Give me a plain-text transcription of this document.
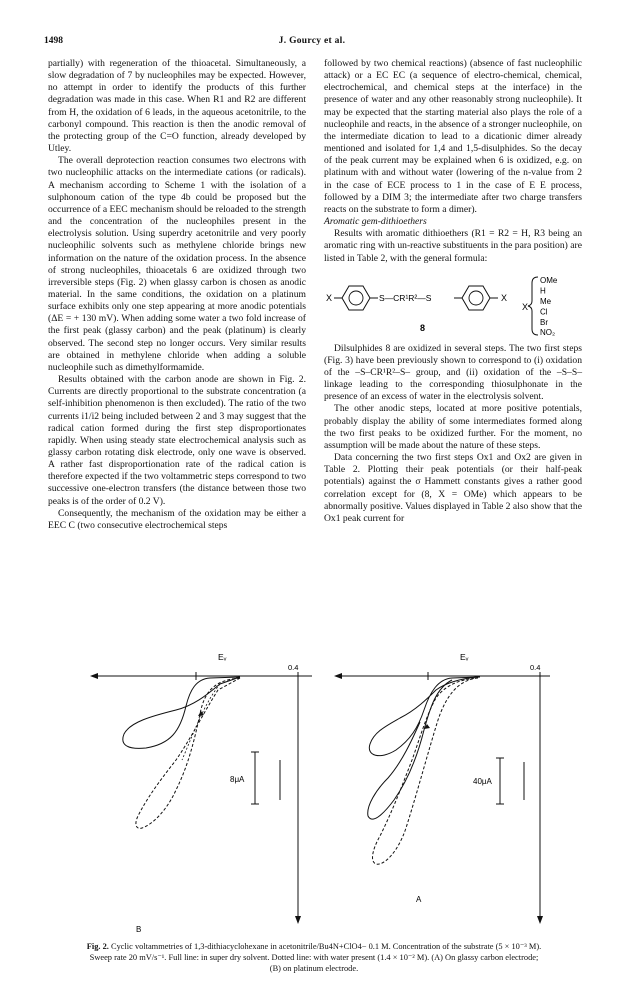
1498	J. Gourcy et al.

partially) with regeneration of the thioacetal. Simultaneously, a slow degradation of 7 by nucleophiles may be expected. However, no attempt in order to identify the products of this further degradation was made in this case. When R1 and R2 are different from H, the oxidation of 6 leads, in the aqueous acetonitrile, to the carbonyl compound. This reaction is then the anodic removal of the protecting group of the C=O function, already developed by Utley.

The overall deprotection reaction consumes two electrons with two nucleophilic attacks on the intermediate cations (or radicals). A mechanism according to Scheme 1 with the isolation of a sulphonoum cation of the type 4b could be proposed but the occurrence of a EEC mechanism should be reloaded to the strength and the concentration of the nucleophiles present in the electrolysis solution. Using superdry acetonitrile and very poorly nucleophilic solvents such as methylene chloride brings new information on the nature of the oxidation process. In the absence of strong nucleophiles, thioacetals 6 are oxidized through two irreversible steps (Fig. 2) when glassy carbon is chosen as anodic material. In the same conditions, the oxidation on a platinum surface exhibits only one step appearing at more anodic potentials (ΔE = + 130 mV). When adding some water a two fold increase of the first peak (glassy carbon) and the peak (platinum) is clearly observed. The second step no longer occurs. Very similar results are obtained in methylene chloride when adding a soluble nucleophile such as dimethylformamide.

Results obtained with the carbon anode are shown in Fig. 2. Currents are directly proportional to the substrate concentration (a self-inhibition phenomenon is then excluded). The ratio of the two currents i1/i2 being included between 2 and 3 may suggest that the radical cation formed during the first step disproportionates rapidly. When using steady state electrochemical analysis such as glassy carbon rotating disk electrode, only one wave is observed. A rather fast disproportionation rate of the radical cation is therefore expected if the two voltammetric steps correspond to two successive one-electron transfers (the distance between those two peaks is of the order of 0.2 V).

Consequently, the mechanism of the oxidation may be either a EEC C (two consecutive electrochemical steps

followed by two chemical reactions) (absence of fast nucleophilic attack) or a EC EC (a sequence of electro-chemical, chemical, electrochemical, and chemical steps at the interface) in the presence of water and any other reasonably strong nucleophile). It may be expected that the starting material also plays the role of a nucleophile and reacts, in the absence of a stronger nucleophile, on the intermediate dication to lead to a dicationic dimer already mentioned and isolated for 1,4 and 1,5-disulphides. So the decay of the peak current may be explained when 6 is oxidized, e.g. on platinum with and without water (lowering of the n-value from 2 in the case of ECE process to 1 in the case of E E process, followed by a DIM 3; the intermediate after two charge transfers reacts on the substrate to form a dimer).

Aromatic gem-dithioethers

Results with aromatic dithioethers (R1 = R2 = H, R3 being an aromatic ring with un-reactive substituents in the para position) are listed in Table 2, with the general formula:

X	S—CR¹R²—S	X
8
X
OMe
H
Me
Cl
Br
NO₂

Dilsulphides 8 are oxidized in several steps. The two first steps (Fig. 3) have been previously shown to correspond to (i) oxidation of the –S–CR¹R²–S– group, and (ii) oxidation of the –S–S– linkage leading to the corresponding thiosulphonate in the presence of an excess of water in the electrolysis solvent.

The other anodic steps, located at more positive potentials, probably display the ability of some intermediates formed along the two first peaks to be oxidized further. For the moment, no assumption will be made about the nature of these steps.

Data concerning the two first steps Ox1 and Ox2 are given in Table 2. Plotting their peak potentials (or their half-peak potentials) against the σ Hammett constants gives a rather good correlation except for (8, X = OMe) which appears to be abnormally positive. Values displayed in Table 2 also show that the Ox1 peak current for

Eᵥ
0.4
8μA
B
Eᵥ
0.4
40μA
A
Fig. 2. Cyclic voltammetries of 1,3-dithiacyclohexane in acetonitrile/Bu4N+ClO4− 0.1 M. Concentration of the substrate (5 × 10⁻³ M). Sweep rate 20 mV/s⁻¹. Full line: in super dry solvent. Dotted line: with water present (1.4 × 10⁻² M). (A) On glassy carbon electrode; (B) on platinum electrode.
